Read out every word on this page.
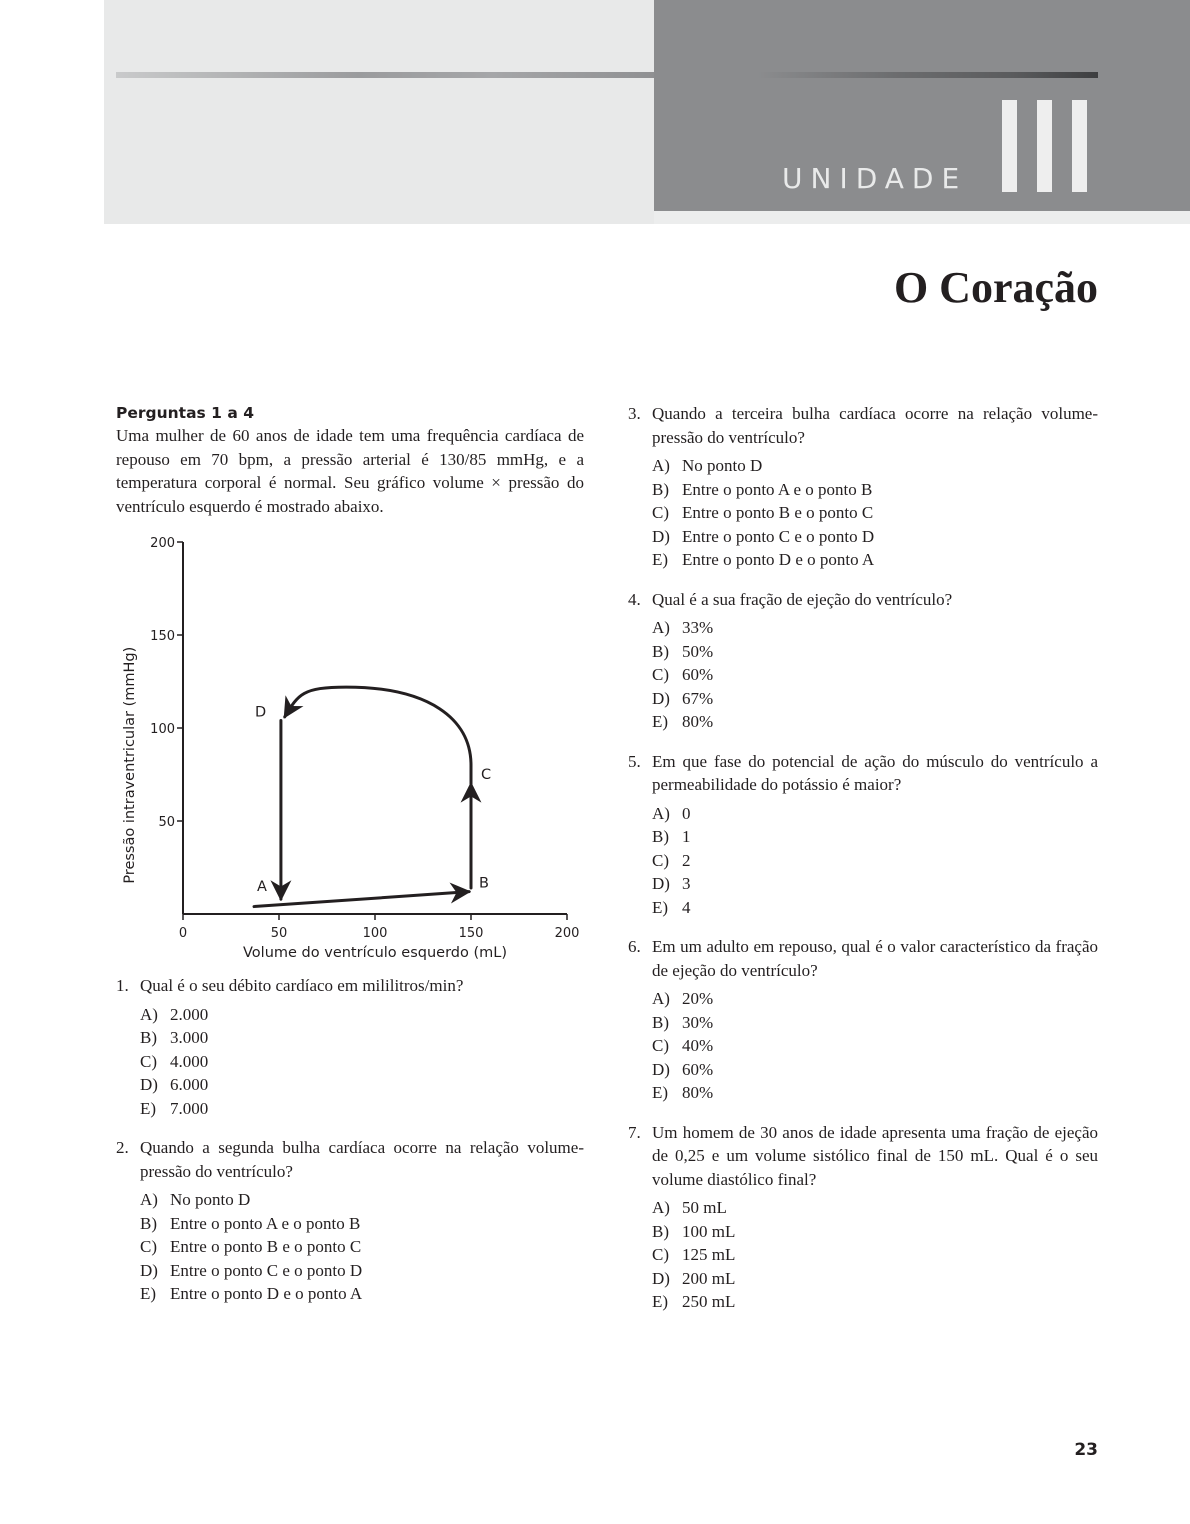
UNIDADE
O Coração
Perguntas 1 a 4

Uma mulher de 60 anos de idade tem uma frequência cardíaca de repouso em 70 bpm, a pressão arterial é 130/85 mmHg, e a temperatura corporal é normal. Seu gráfico volume × pressão do ventrículo esquerdo é mostrado abaixo.

0	50	100	150	200
50
100
150
200
Volume do ventrículo esquerdo (mL)
Pressão intraventricular (mmHg)
A	B
C
D
1. Qual é o seu débito cardíaco em mililitros/min?
A) 2.000
B) 3.000
C) 4.000
D) 6.000
E) 7.000
2. Quando a segunda bulha cardíaca ocorre na relação volume-pressão do ventrículo?
A) No ponto D
B) Entre o ponto A e o ponto B
C) Entre o ponto B e o ponto C
D) Entre o ponto C e o ponto D
E) Entre o ponto D e o ponto A
3. Quando a terceira bulha cardíaca ocorre na relação volume-pressão do ventrículo?
A) No ponto D
B) Entre o ponto A e o ponto B
C) Entre o ponto B e o ponto C
D) Entre o ponto C e o ponto D
E) Entre o ponto D e o ponto A
4. Qual é a sua fração de ejeção do ventrículo?
A) 33%
B) 50%
C) 60%
D) 67%
E) 80%
5. Em que fase do potencial de ação do músculo do ventrículo a permeabilidade do potássio é maior?
A) 0
B) 1
C) 2
D) 3
E) 4
6. Em um adulto em repouso, qual é o valor característico da fração de ejeção do ventrículo?
A) 20%
B) 30%
C) 40%
D) 60%
E) 80%
7. Um homem de 30 anos de idade apresenta uma fração de ejeção de 0,25 e um volume sistólico final de 150 mL. Qual é o seu volume diastólico final?
A) 50 mL
B) 100 mL
C) 125 mL
D) 200 mL
E) 250 mL
23
